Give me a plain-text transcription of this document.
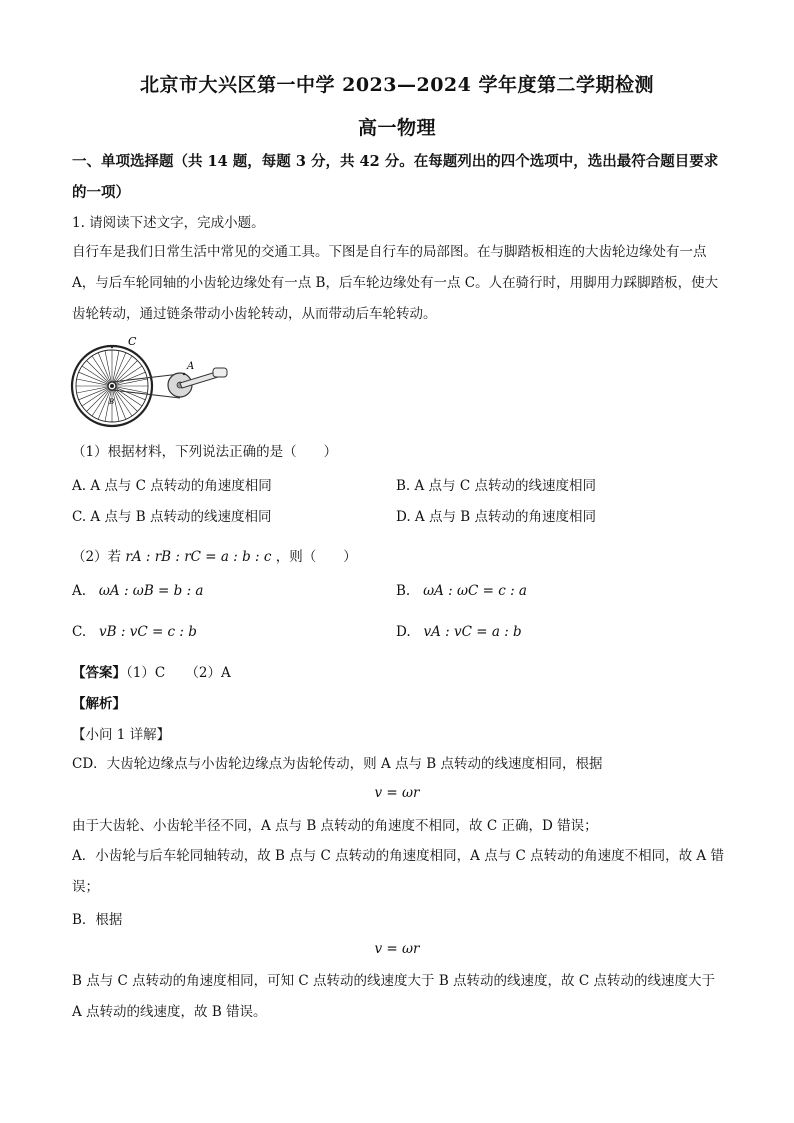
北京市大兴区第一中学 2023—2024 学年度第二学期检测
高一物理
一、单项选择题（共 14 题，每题 3 分，共 42 分。在每题列出的四个选项中，选出最符合题目要求的一项）
1. 请阅读下述文字，完成小题。
自行车是我们日常生活中常见的交通工具。下图是自行车的局部图。在与脚踏板相连的大齿轮边缘处有一点 A，与后车轮同轴的小齿轮边缘处有一点 B，后车轮边缘处有一点 C。人在骑行时，用脚用力踩脚踏板，使大齿轮转动，通过链条带动小齿轮转动，从而带动后车轮转动。
C
A
B
（1）根据材料，下列说法正确的是（　　）
A. A 点与 C 点转动的角速度相同	B. A 点与 C 点转动的线速度相同
C. A 点与 B 点转动的线速度相同	D. A 点与 B 点转动的角速度相同
（2）若 rA : rB : rC = a : b : c ，则（　　）
A. ωA : ωB = b : a	B. ωA : ωC = c : a
C. vB : vC = c : b	D. vA : vC = a : b
【答案】（1）C　　（2）A
【解析】
【小问 1 详解】
CD．大齿轮边缘点与小齿轮边缘点为齿轮传动，则 A 点与 B 点转动的线速度相同，根据
v = ωr
由于大齿轮、小齿轮半径不同，A 点与 B 点转动的角速度不相同，故 C 正确，D 错误；
A．小齿轮与后车轮同轴转动，故 B 点与 C 点转动的角速度相同，A 点与 C 点转动的角速度不相同，故 A 错误；
B．根据
v = ωr
B 点与 C 点转动的角速度相同，可知 C 点转动的线速度大于 B 点转动的线速度，故 C 点转动的线速度大于 A 点转动的线速度，故 B 错误。
